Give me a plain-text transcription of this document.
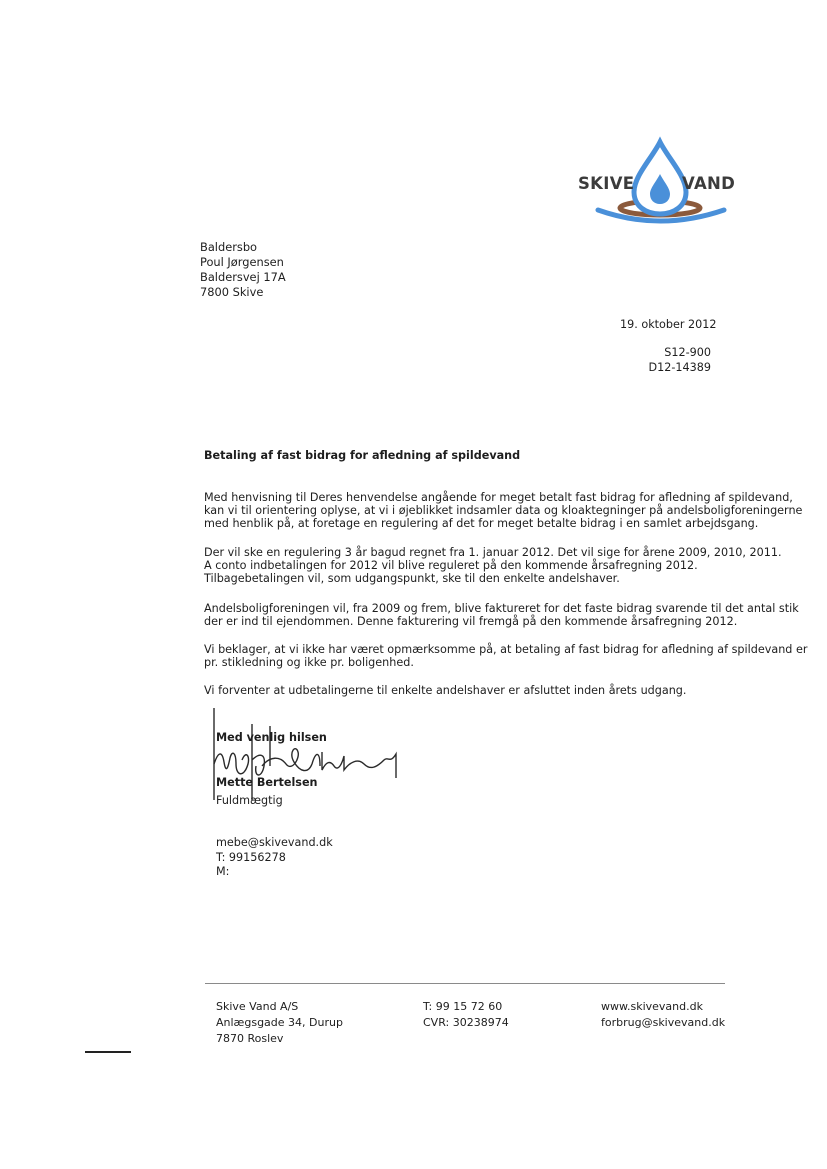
SKIVE	VAND
Baldersbo
Poul Jørgensen
Baldersvej 17A
7800 Skive
19. oktober 2012
S12-900
D12-14389
Betaling af fast bidrag for afledning af spildevand
Med henvisning til Deres henvendelse angående for meget betalt fast bidrag for afledning af spildevand,
kan vi til orientering oplyse, at vi i øjeblikket indsamler data og kloaktegninger på andelsboligforeningerne
med henblik på, at foretage en regulering af det for meget betalte bidrag i en samlet arbejdsgang.
Der vil ske en regulering 3 år bagud regnet fra 1. januar 2012. Det vil sige for årene 2009, 2010, 2011.
A conto indbetalingen for 2012 vil blive reguleret på den kommende årsafregning 2012.
Tilbagebetalingen vil, som udgangspunkt, ske til den enkelte andelshaver.
Andelsboligforeningen vil, fra 2009 og frem, blive faktureret for det faste bidrag svarende til det antal stik
der er ind til ejendommen. Denne fakturering vil fremgå på den kommende årsafregning 2012.
Vi beklager, at vi ikke har været opmærksomme på, at betaling af fast bidrag for afledning af spildevand er
pr. stikledning og ikke pr. boligenhed.
Vi forventer at udbetalingerne til enkelte andelshaver er afsluttet inden årets udgang.
Med venlig hilsen
Mette Bertelsen
Fuldmægtig
mebe@skivevand.dk
T: 99156278
M:
Skive Vand A/S
Anlægsgade 34, Durup
7870 Roslev
T: 99 15 72 60
CVR: 30238974
www.skivevand.dk
forbrug@skivevand.dk
